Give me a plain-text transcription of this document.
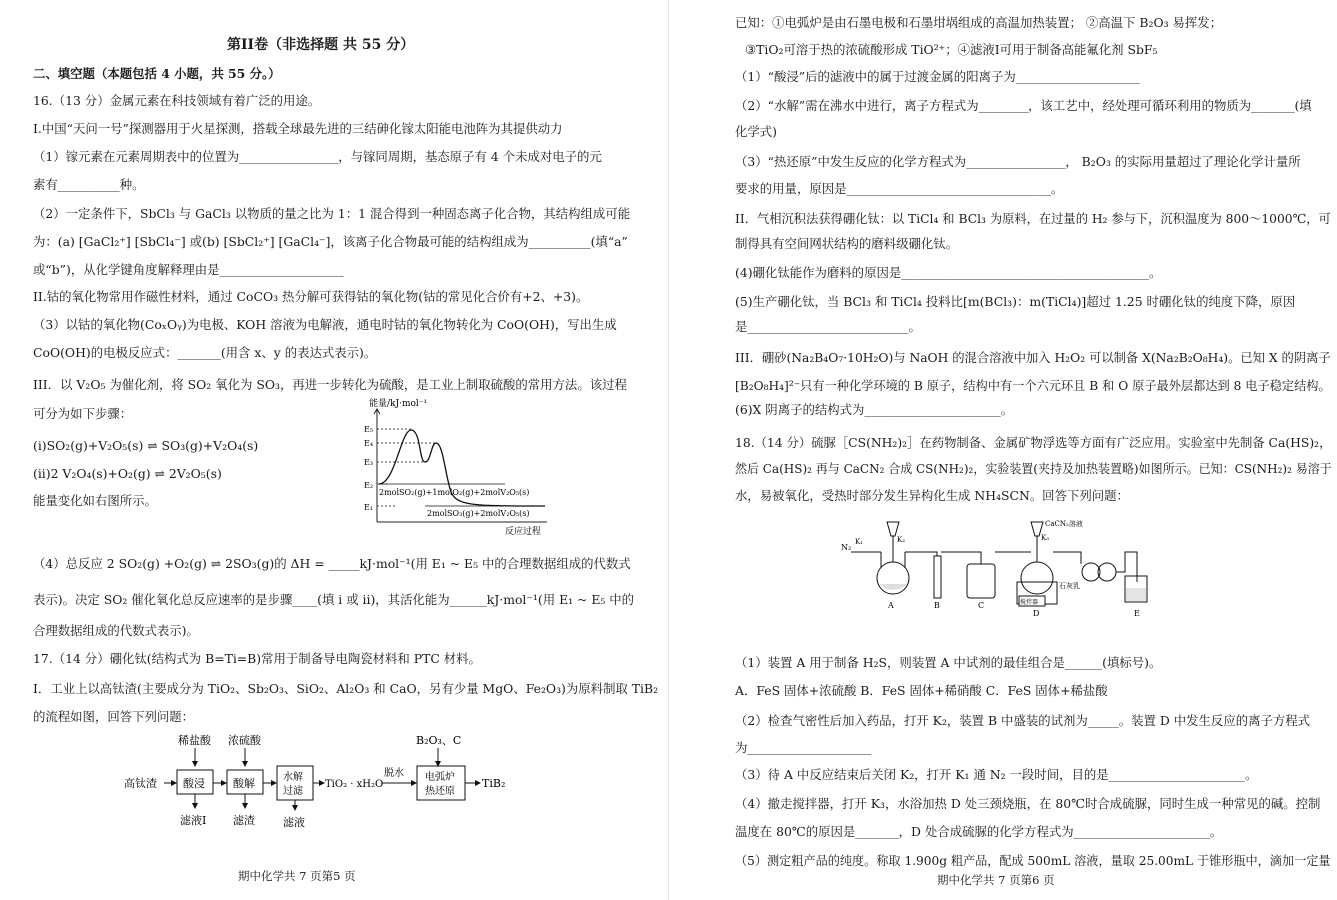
第II卷（非选择题 共 55 分）
二、填空题（本题包括 4 小题，共 55 分。）
16.（13 分）金属元素在科技领域有着广泛的用途。
I.中国“天问一号”探测器用于火星探测，搭载全球最先进的三结砷化镓太阳能电池阵为其提供动力
（1）镓元素在元素周期表中的位置为________________，与镓同周期，基态原子有 4 个未成对电子的元
素有__________种。
（2）一定条件下，SbCl₃ 与 GaCl₃ 以物质的量之比为 1：1 混合得到一种固态离子化合物，其结构组成可能
为：(a) [GaCl₂⁺] [SbCl₄⁻] 或(b) [SbCl₂⁺] [GaCl₄⁻]，该离子化合物最可能的结构组成为__________(填“a”
或“b”)，从化学键角度解释理由是____________________
II.钴的氧化物常用作磁性材料，通过 CoCO₃ 热分解可获得钴的氧化物(钴的常见化合价有+2、+3)。
（3）以钴的氧化物(CoₓOᵧ)为电极、KOH 溶液为电解液，通电时钴的氧化物转化为 CoO(OH)，写出生成
CoO(OH)的电极反应式：_______(用含 x、y 的表达式表示)。
III．以 V₂O₅ 为催化剂，将 SO₂ 氧化为 SO₃，再进一步转化为硫酸，是工业上制取硫酸的常用方法。该过程
可分为如下步骤：
(i)SO₂(g)+V₂O₅(s) ⇌ SO₃(g)+V₂O₄(s)
(ii)2 V₂O₄(s)+O₂(g) ⇌ 2V₂O₅(s)
能量变化如右图所示。
能量/kJ·mol⁻¹
E₅
E₄
E₃
E₂
E₁
2molSO₂(g)+1molO₂(g)+2molV₂O₅(s)
2molSO₃(g)+2molV₂O₅(s)
反应过程
（4）总反应 2 SO₂(g) +O₂(g) ⇌ 2SO₃(g)的 ΔH = _____kJ·mol⁻¹(用 E₁ ~ E₅ 中的合理数据组成的代数式
表示)。决定 SO₂ 催化氧化总反应速率的是步骤____(填 i 或 ii)，其活化能为______kJ·mol⁻¹(用 E₁ ~ E₅ 中的
合理数据组成的代数式表示)。
17.（14 分）硼化钛(结构式为 B=Ti=B)常用于制备导电陶瓷材料和 PTC 材料。
I．工业上以高钛渣(主要成分为 TiO₂、Sb₂O₃、SiO₂、Al₂O₃ 和 CaO，另有少量 MgO、Fe₂O₃)为原料制取 TiB₂
的流程如图，回答下列问题：
稀盐酸 浓硫酸	B₂O₃、C
高钛渣 酸浸	酸解	水解
过滤
TiO₂ · xH₂O
脱水 电弧炉
热还原
TiB₂
滤液I 滤渣	滤液
期中化学共 7 页第5 页
已知：①电弧炉是由石墨电极和石墨坩埚组成的高温加热装置； ②高温下 B₂O₃ 易挥发；
③TiO₂可溶于热的浓硫酸形成 TiO²⁺；④滤液I可用于制备高能氟化剂 SbF₅
（1）“酸浸”后的滤液中的属于过渡金属的阳离子为____________________
（2）“水解”需在沸水中进行，离子方程式为________，该工艺中，经处理可循环利用的物质为_______(填
化学式)
（3）“热还原”中发生反应的化学方程式为________________， B₂O₃ 的实际用量超过了理论化学计量所
要求的用量，原因是_________________________________。
II．气相沉积法获得硼化钛：以 TiCl₄ 和 BCl₃ 为原料，在过量的 H₂ 参与下，沉积温度为 800～1000℃，可
制得具有空间网状结构的磨料级硼化钛。
(4)硼化钛能作为磨料的原因是________________________________________。
(5)生产硼化钛，当 BCl₃ 和 TiCl₄ 投料比[m(BCl₃)：m(TiCl₄)]超过 1.25 时硼化钛的纯度下降，原因
是__________________________。
III．硼砂(Na₂B₄O₇·10H₂O)与 NaOH 的混合溶液中加入 H₂O₂ 可以制备 X(Na₂B₂O₈H₄)。已知 X 的阴离子
[B₂O₈H₄]²⁻只有一种化学环境的 B 原子，结构中有一个六元环且 B 和 O 原子最外层都达到 8 电子稳定结构。
(6)X 阴离子的结构式为______________________。
18.（14 分）硫脲［CS(NH₂)₂］在药物制备、金属矿物浮选等方面有广泛应用。实验室中先制备 Ca(HS)₂，
然后 Ca(HS)₂ 再与 CaCN₂ 合成 CS(NH₂)₂，实验装置(夹持及加热装置略)如图所示。已知：CS(NH₂)₂ 易溶于
水，易被氧化，受热时部分发生异构化生成 NH₄SCN。回答下列问题：
N₂
K₁	K₂
CaCN₂溶液
K₃
石灰乳
搅拌器
A	B	C
D	E
（1）装置 A 用于制备 H₂S，则装置 A 中试剂的最佳组合是______(填标号)。
A．FeS 固体+浓硫酸 B．FeS 固体+稀硝酸 C．FeS 固体+稀盐酸
（2）检查气密性后加入药品，打开 K₂，装置 B 中盛装的试剂为_____。装置 D 中发生反应的离子方程式
为____________________
（3）待 A 中反应结束后关闭 K₂，打开 K₁ 通 N₂ 一段时间，目的是______________________。
（4）撤走搅拌器，打开 K₃，水浴加热 D 处三颈烧瓶，在 80℃时合成硫脲，同时生成一种常见的碱。控制
温度在 80℃的原因是_______，D 处合成硫脲的化学方程式为______________________。
（5）测定粗产品的纯度。称取 1.900g 粗产品，配成 500mL 溶液，量取 25.00mL 于锥形瓶中，滴加一定量
期中化学共 7 页第6 页
